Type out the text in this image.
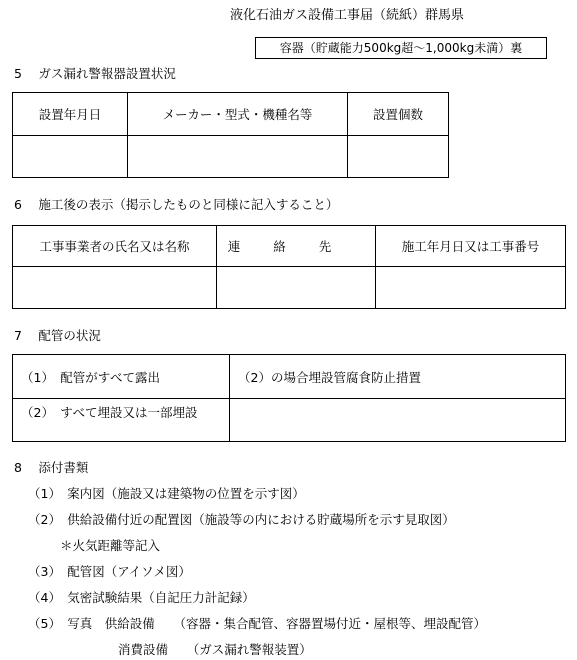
液化石油ガス設備工事届（続紙）群馬県
容器（貯蔵能力500kg超～1,000kg未満）裏
5　 ガス漏れ警報器設置状況
設置年月日	メーカー・型式・機種名等	設置個数

6　 施工後の表示（掲示したものと同様に記入すること）
工事事業者の氏名又は名称	連絡先	施工年月日又は工事番号

7　 配管の状況
（1）　配管がすべて露出	（2）の場合埋設管腐食防止措置
（2）　すべて埋設又は一部埋設	
8　 添付書類
（1）　案内図（施設又は建築物の位置を示す図）
（2）　供給設備付近の配置図（施設等の内における貯蔵場所を示す見取図）
＊火気距離等記入
（3）　配管図（アイソメ図）
（4）　気密試験結果（自記圧力計記録）
（5）　写真　供給設備　　（容器・集合配管、容器置場付近・屋根等、埋設配管）
消費設備　　（ガス漏れ警報装置）
